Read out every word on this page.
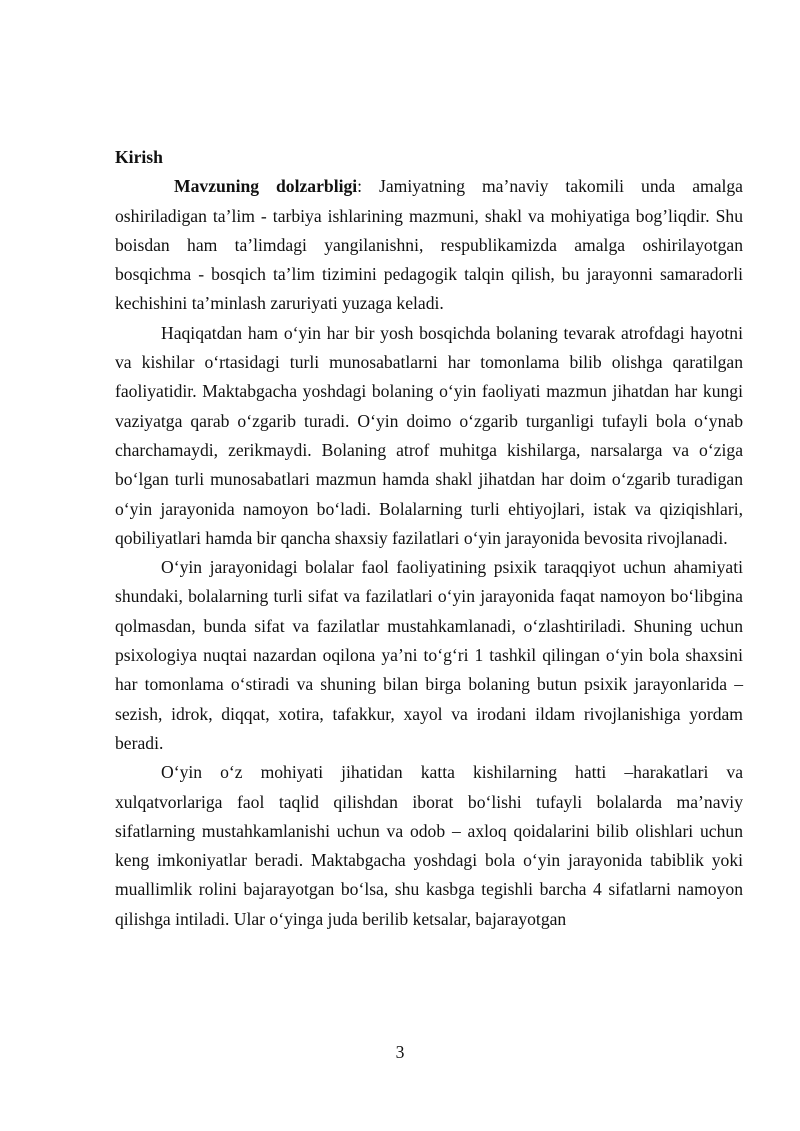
Kirish

Mavzuning dolzarbligi: Jamiyatning ma’naviy takomili unda amalga oshiriladigan ta’lim - tarbiya ishlarining mazmuni, shakl va mohiyatiga bog’liqdir. Shu boisdan ham ta’limdagi yangilanishni, respublikamizda amalga oshirilayotgan bosqichma - bosqich ta’lim tizimini pedagogik talqin qilish, bu jarayonni samaradorli kechishini ta’minlash zaruriyati yuzaga keladi.

Haqiqatdan ham o‘yin har bir yosh bosqichda bolaning tevarak atrofdagi hayotni va kishilar o‘rtasidagi turli munosabatlarni har tomonlama bilib olishga qaratilgan faoliyatidir. Maktabgacha yoshdagi bolaning o‘yin faoliyati mazmun jihatdan har kungi vaziyatga qarab o‘zgarib turadi. O‘yin doimo o‘zgarib turganligi tufayli bola o‘ynab charchamaydi, zerikmaydi. Bolaning atrof muhitga kishilarga, narsalarga va o‘ziga bo‘lgan turli munosabatlari mazmun hamda shakl jihatdan har doim o‘zgarib turadigan o‘yin jarayonida namoyon bo‘ladi. Bolalarning turli ehtiyojlari, istak va qiziqishlari, qobiliyatlari hamda bir qancha shaxsiy fazilatlari o‘yin jarayonida bevosita rivojlanadi.

O‘yin jarayonidagi bolalar faol faoliyatining psixik taraqqiyot uchun ahamiyati shundaki, bolalarning turli sifat va fazilatlari o‘yin jarayonida faqat namoyon bo‘libgina qolmasdan, bunda sifat va fazilatlar mustahkamlanadi, o‘zlashtiriladi. Shuning uchun psixologiya nuqtai nazardan oqilona ya’ni to‘g‘ri 1 tashkil qilingan o‘yin bola shaxsini har tomonlama o‘stiradi va shuning bilan birga bolaning butun psixik jarayonlarida –sezish, idrok, diqqat, xotira, tafakkur, xayol va irodani ildam rivojlanishiga yordam beradi.

O‘yin o‘z mohiyati jihatidan katta kishilarning hatti –harakatlari va xulqatvorlariga faol taqlid qilishdan iborat bo‘lishi tufayli bolalarda ma’naviy sifatlarning mustahkamlanishi uchun va odob – axloq qoidalarini bilib olishlari uchun keng imkoniyatlar beradi. Maktabgacha yoshdagi bola o‘yin jarayonida tabiblik yoki muallimlik rolini bajarayotgan bo‘lsa, shu kasbga tegishli barcha 4 sifatlarni namoyon qilishga intiladi. Ular o‘yinga juda berilib ketsalar, bajarayotgan

3
